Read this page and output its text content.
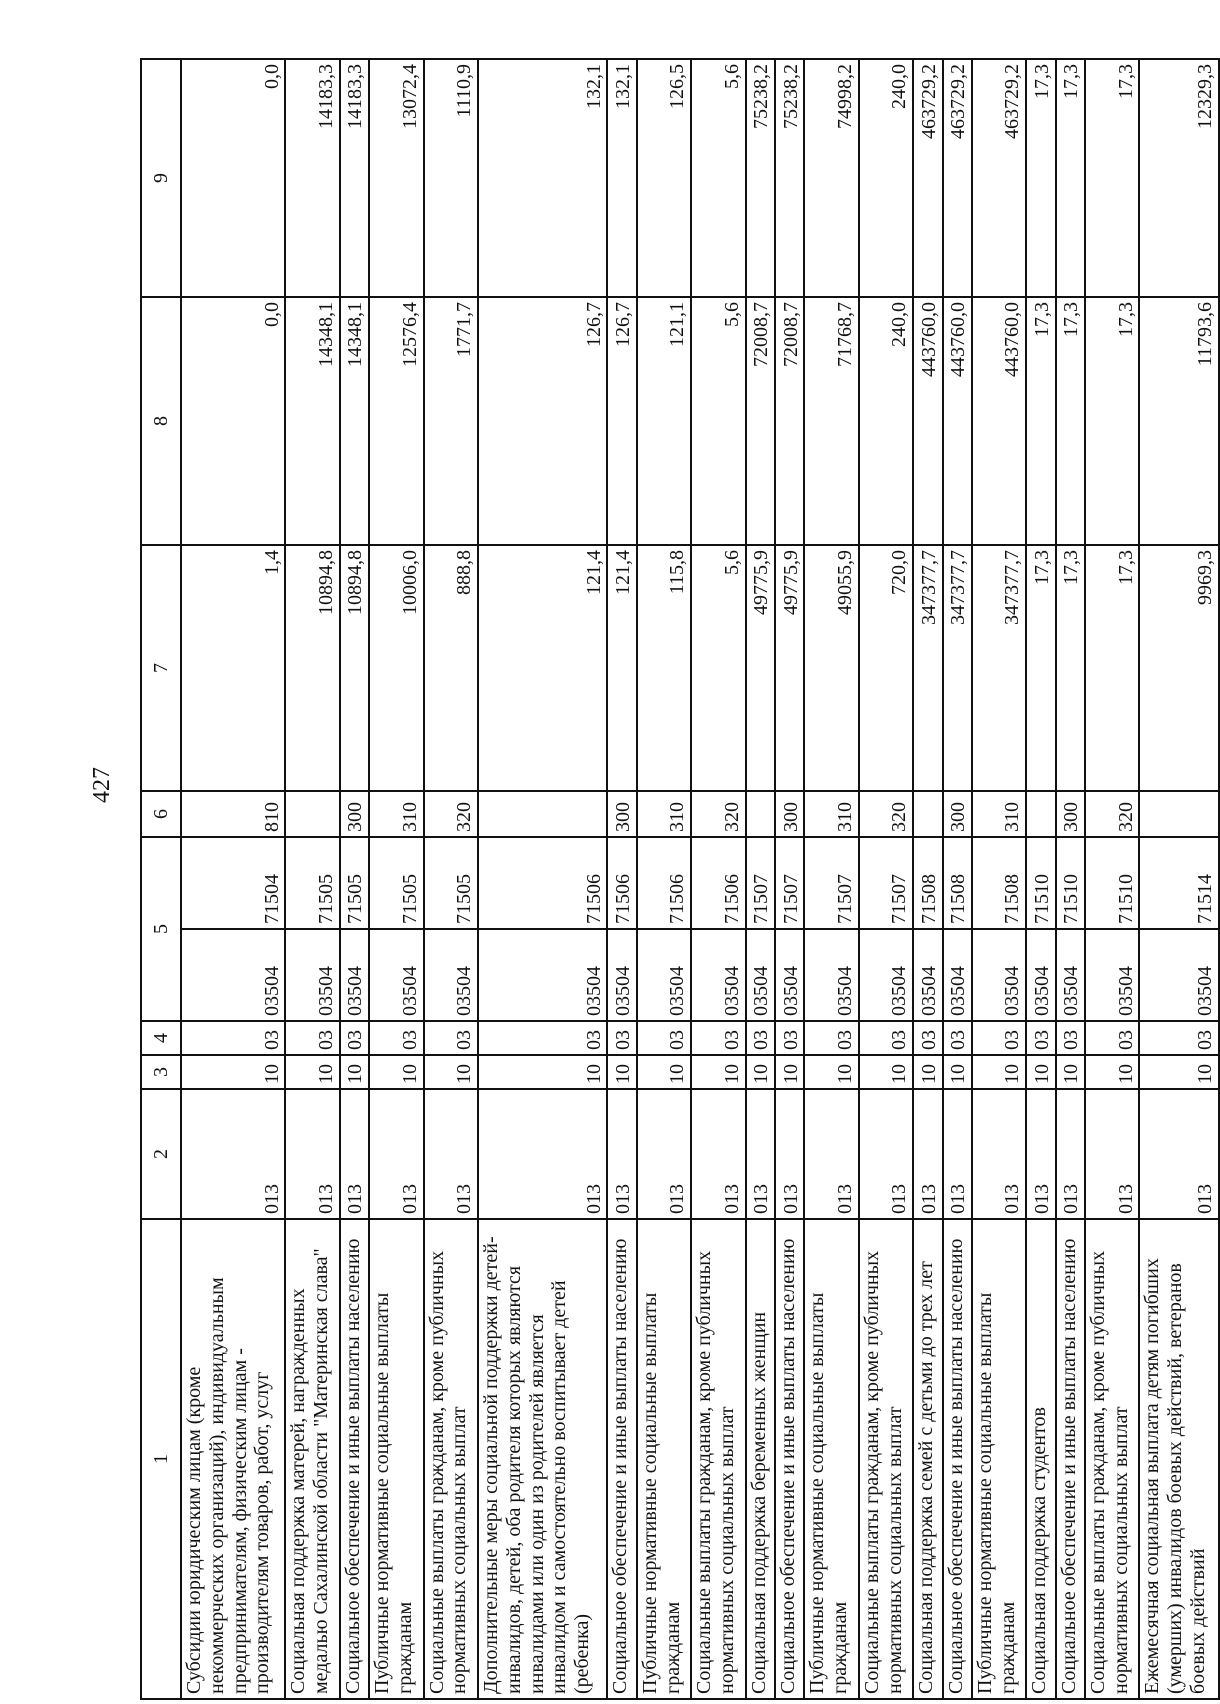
427
1	2	3	4	5		6	7	8	9
Субсидии юридическим лицам (кроме некоммерческих организаций), индивидуальным предпринимателям, физическим лицам - производителям товаров, работ, услуг	013	10	03	03504	71504	810	1,4	0,0	0,0
Социальная поддержка матерей, награжденных медалью Сахалинской области "Материнская слава"	013	10	03	03504	71505		10894,8	14348,1	14183,3
Социальное обеспечение и иные выплаты населению	013	10	03	03504	71505	300	10894,8	14348,1	14183,3
Публичные нормативные социальные выплаты гражданам	013	10	03	03504	71505	310	10006,0	12576,4	13072,4
Социальные выплаты гражданам, кроме публичных нормативных социальных выплат	013	10	03	03504	71505	320	888,8	1771,7	1110,9
Дополнительные меры социальной поддержки детей-инвалидов, детей, оба родителя которых являются инвалидами или один из родителей является инвалидом и самостоятельно воспитывает детей (ребенка)	013	10	03	03504	71506		121,4	126,7	132,1
Социальное обеспечение и иные выплаты населению	013	10	03	03504	71506	300	121,4	126,7	132,1
Публичные нормативные социальные выплаты гражданам	013	10	03	03504	71506	310	115,8	121,1	126,5
Социальные выплаты гражданам, кроме публичных нормативных социальных выплат	013	10	03	03504	71506	320	5,6	5,6	5,6
Социальная поддержка беременных женщин	013	10	03	03504	71507		49775,9	72008,7	75238,2
Социальное обеспечение и иные выплаты населению	013	10	03	03504	71507	300	49775,9	72008,7	75238,2
Публичные нормативные социальные выплаты гражданам	013	10	03	03504	71507	310	49055,9	71768,7	74998,2
Социальные выплаты гражданам, кроме публичных нормативных социальных выплат	013	10	03	03504	71507	320	720,0	240,0	240,0
Социальная поддержка семей с детьми до трех лет	013	10	03	03504	71508		347377,7	443760,0	463729,2
Социальное обеспечение и иные выплаты населению	013	10	03	03504	71508	300	347377,7	443760,0	463729,2
Публичные нормативные социальные выплаты гражданам	013	10	03	03504	71508	310	347377,7	443760,0	463729,2
Социальная поддержка студентов	013	10	03	03504	71510		17,3	17,3	17,3
Социальное обеспечение и иные выплаты населению	013	10	03	03504	71510	300	17,3	17,3	17,3
Социальные выплаты гражданам, кроме публичных нормативных социальных выплат	013	10	03	03504	71510	320	17,3	17,3	17,3
Ежемесячная социальная выплата детям погибших (умерших) инвалидов боевых действий, ветеранов боевых действий	013	10	03	03504	71514		9969,3	11793,6	12329,3
